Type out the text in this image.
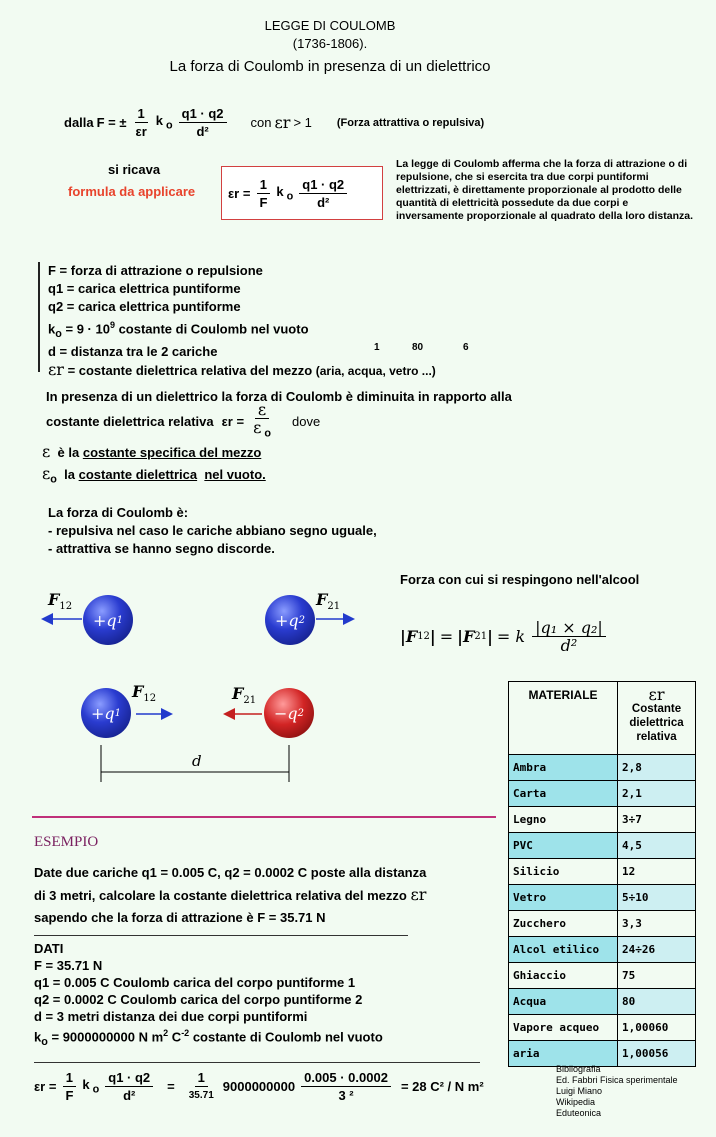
LEGGE DI COULOMB
(1736-1806).
La forza di Coulomb in presenza di un dielettrico
dalla F = ± $\frac{1}{\varepsilon r}$ k $_o \frac{q1 \cdot q2}{\text{d²}}$ con εr > 1 (Forza attrattiva o repulsiva)
si ricava
formula da applicare	$\varepsilon r = \frac{1}{F}$ k $_o \frac{q1 \cdot q2}{\text{d²}}$
La legge di Coulomb afferma che la forza di attrazione o di repulsione, che si esercita tra due corpi puntiformi elettrizzati, è direttamente proporzionale al prodotto delle quantità di elettricità possedute da due corpi e inversamente proporzionale al quadrato della loro distanza.
F = forza di attrazione o repulsione
q1 = carica elettrica puntiforme
q2 = carica elettrica puntiforme
$k_o = 9 \cdot 10^9$ costante di Coulomb nel vuoto
d = distanza tra le 2 cariche
εr = costante dielettrica relativa del mezzo (aria, acqua, vetro ...)
1	80	6
In presenza di un dielettrico la forza di Coulomb è diminuita in rapporto alla
costante dielettrica relativa $\varepsilon r = \frac{\varepsilon}{\varepsilon _o}$ dove
ε è la costante specifica del mezzo
$\varepsilon_o$ la costante dielettrica nel vuoto.
La forza di Coulomb è:
- repulsiva nel caso le cariche abbiano segno uguale,
- attrattiva se hanno segno discorde.
Forza con cui si respingono nell'alcool
+q 1	+q 2
+q 1	−q 2
$F_{12}$	$F_{21}$
$F_{12}$	$F_{21}$
d
| F 12 | = | F 21 | = k $\frac{\text{|q₁ × q₂|}}{\text{d²}}$
MATERIALE	εr
Costante dielettrica relativa

Ambra	2,8
Carta	2,1
Legno	3÷7
PVC	4,5
Silicio	12
Vetro	5÷10
Zucchero	3,3
Alcol etilico	24÷26
Ghiaccio	75
Acqua	80
Vapore acqueo	1,00060
aria	1,00056
ESEMPIO
Date due cariche q1 = 0.005 C, q2 = 0.0002 C poste alla distanza
di 3 metri, calcolare la costante dielettrica relativa del mezzo εr
sapendo che la forza di attrazione è F = 35.71 N
DATI
F = 35.71 N
q1 = 0.005 C Coulomb carica del corpo puntiforme 1
q2 = 0.0002 C Coulomb carica del corpo puntiforme 2
d = 3 metri distanza dei due corpi puntiformi
$k_o = 9000000000$ N $m^2$ $C^{-2}$ costante di Coulomb nel vuoto
$\varepsilon r = \frac{1}{F}$ k $_o \frac{q1 \cdot q2}{\text{d²}} = \frac{1}{35.71} 9000000000 \frac{0.005 \cdot 0.0002}{\text{3 ²}} = 28$ C² / N m²
Bibliografia
Ed. Fabbri Fisica sperimentale
Luigi Miano
Wikipedia
Eduteonica
